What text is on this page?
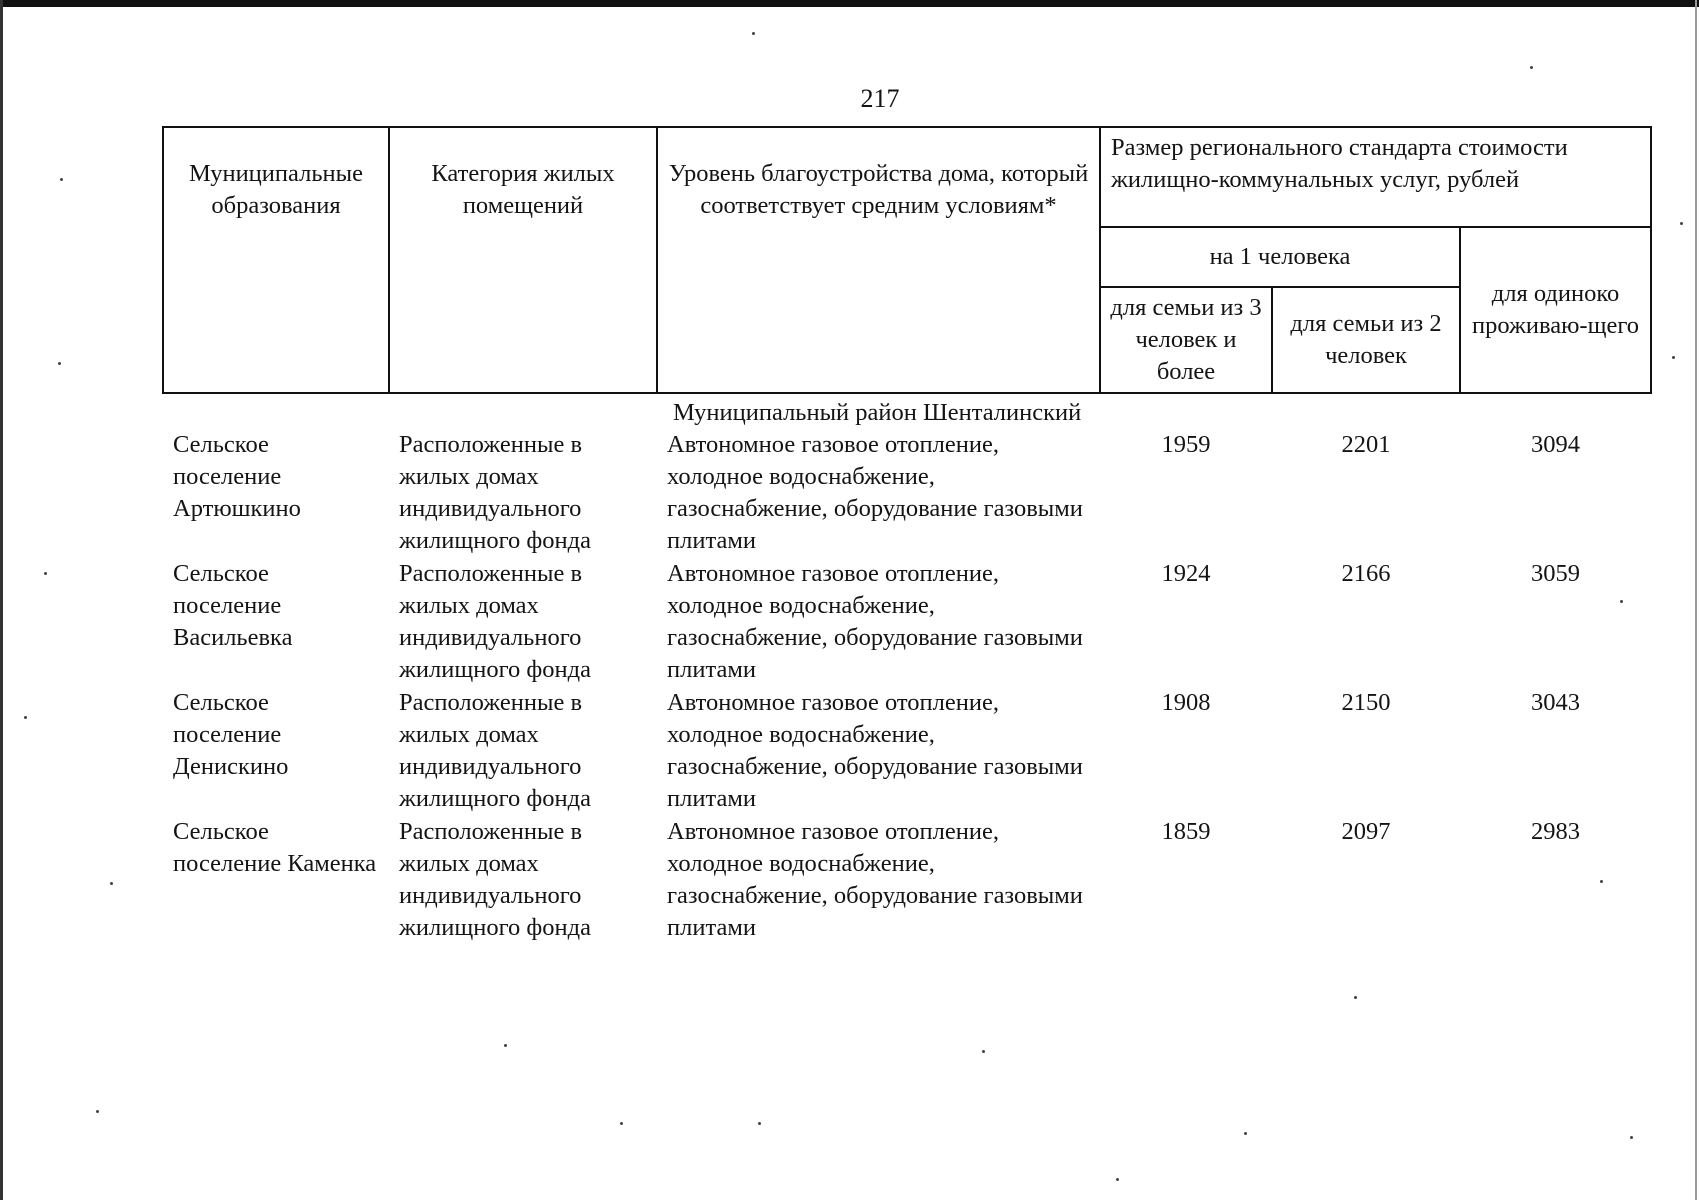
217
Муниципальные образования	Категория жилых помещений	Уровень благоустройства дома, который соответствует средним условиям*	Размер регионального стандарта стоимости жилищно-коммунальных услуг, рублей		
			на 1 человека		для одиноко проживаю-щего
			для семьи из 3 человек и более	для семьи из 2 человек	
Муниципальный район Шенталинский					
Сельское поселение Артюшкино	Расположенные в жилых домах индивидуального жилищного фонда	Автономное газовое отопление, холодное водоснабжение, газоснабжение, оборудование газовыми плитами	1959	2201	3094
Сельское поселение Васильевка	Расположенные в жилых домах индивидуального жилищного фонда	Автономное газовое отопление, холодное водоснабжение, газоснабжение, оборудование газовыми плитами	1924	2166	3059
Сельское поселение Денискино	Расположенные в жилых домах индивидуального жилищного фонда	Автономное газовое отопление, холодное водоснабжение, газоснабжение, оборудование газовыми плитами	1908	2150	3043
Сельское поселение Каменка	Расположенные в жилых домах индивидуального жилищного фонда	Автономное газовое отопление, холодное водоснабжение, газоснабжение, оборудование газовыми плитами	1859	2097	2983
